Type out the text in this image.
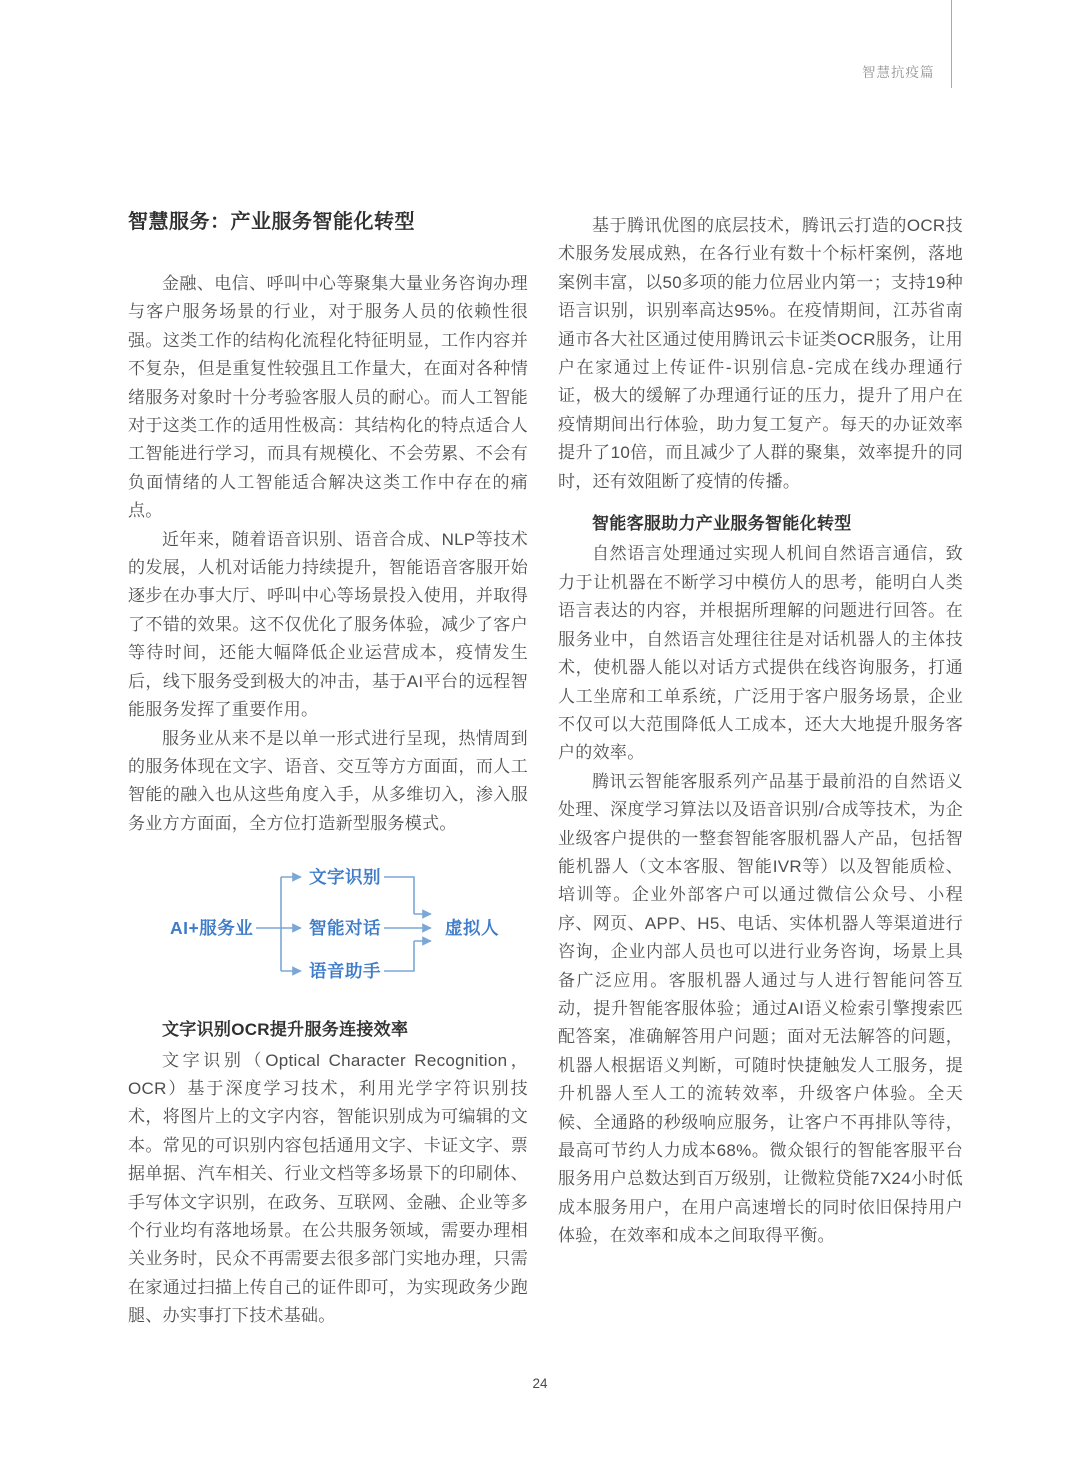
智慧抗疫篇
智慧服务：产业服务智能化转型

金融、电信、呼叫中心等聚集大量业务咨询办理与客户服务场景的行业，对于服务人员的依赖性很强。这类工作的结构化流程化特征明显，工作内容并不复杂，但是重复性较强且工作量大，在面对各种情绪服务对象时十分考验客服人员的耐心。而人工智能对于这类工作的适用性极高：其结构化的特点适合人工智能进行学习，而具有规模化、不会劳累、不会有负面情绪的人工智能适合解决这类工作中存在的痛点。

近年来，随着语音识别、语音合成、NLP等技术的发展，人机对话能力持续提升，智能语音客服开始逐步在办事大厅、呼叫中心等场景投入使用，并取得了不错的效果。这不仅优化了服务体验，减少了客户等待时间，还能大幅降低企业运营成本，疫情发生后，线下服务受到极大的冲击，基于AI平台的远程智能服务发挥了重要作用。

服务业从来不是以单一形式进行呈现，热情周到的服务体现在文字、语音、交互等方方面面，而人工智能的融入也从这些角度入手，从多维切入，渗入服务业方方面面，全方位打造新型服务模式。

AI+服务业
文字识别
智能对话
语音助手
虚拟人
文字识别OCR提升服务连接效率

文字识别（Optical Character Recognition，OCR）基于深度学习技术，利用光学字符识别技术，将图片上的文字内容，智能识别成为可编辑的文本。常见的可识别内容包括通用文字、卡证文字、票据单据、汽车相关、行业文档等多场景下的印刷体、手写体文字识别，在政务、互联网、金融、企业等多个行业均有落地场景。在公共服务领域，需要办理相关业务时，民众不再需要去很多部门实地办理，只需在家通过扫描上传自己的证件即可，为实现政务少跑腿、办实事打下技术基础。

基于腾讯优图的底层技术，腾讯云打造的OCR技术服务发展成熟，在各行业有数十个标杆案例，落地案例丰富，以50多项的能力位居业内第一；支持19种语言识别，识别率高达95%。在疫情期间，江苏省南通市各大社区通过使用腾讯云卡证类OCR服务，让用户在家通过上传证件-识别信息-完成在线办理通行证，极大的缓解了办理通行证的压力，提升了用户在疫情期间出行体验，助力复工复产。每天的办证效率提升了10倍，而且减少了人群的聚集，效率提升的同时，还有效阻断了疫情的传播。

智能客服助力产业服务智能化转型

自然语言处理通过实现人机间自然语言通信，致力于让机器在不断学习中模仿人的思考，能明白人类语言表达的内容，并根据所理解的问题进行回答。在服务业中，自然语言处理往往是对话机器人的主体技术，使机器人能以对话方式提供在线咨询服务，打通人工坐席和工单系统，广泛用于客户服务场景，企业不仅可以大范围降低人工成本，还大大地提升服务客户的效率。

腾讯云智能客服系列产品基于最前沿的自然语义处理、深度学习算法以及语音识别/合成等技术，为企业级客户提供的一整套智能客服机器人产品，包括智能机器人（文本客服、智能IVR等）以及智能质检、培训等。企业外部客户可以通过微信公众号、小程序、网页、APP、H5、电话、实体机器人等渠道进行咨询，企业内部人员也可以进行业务咨询，场景上具备广泛应用。客服机器人通过与人进行智能问答互动，提升智能客服体验；通过AI语义检索引擎搜索匹配答案，准确解答用户问题；面对无法解答的问题，机器人根据语义判断，可随时快捷触发人工服务，提升机器人至人工的流转效率，升级客户体验。全天候、全通路的秒级响应服务，让客户不再排队等待，最高可节约人力成本68%。微众银行的智能客服平台服务用户总数达到百万级别，让微粒贷能7X24小时低成本服务用户，在用户高速增长的同时依旧保持用户体验，在效率和成本之间取得平衡。

24
